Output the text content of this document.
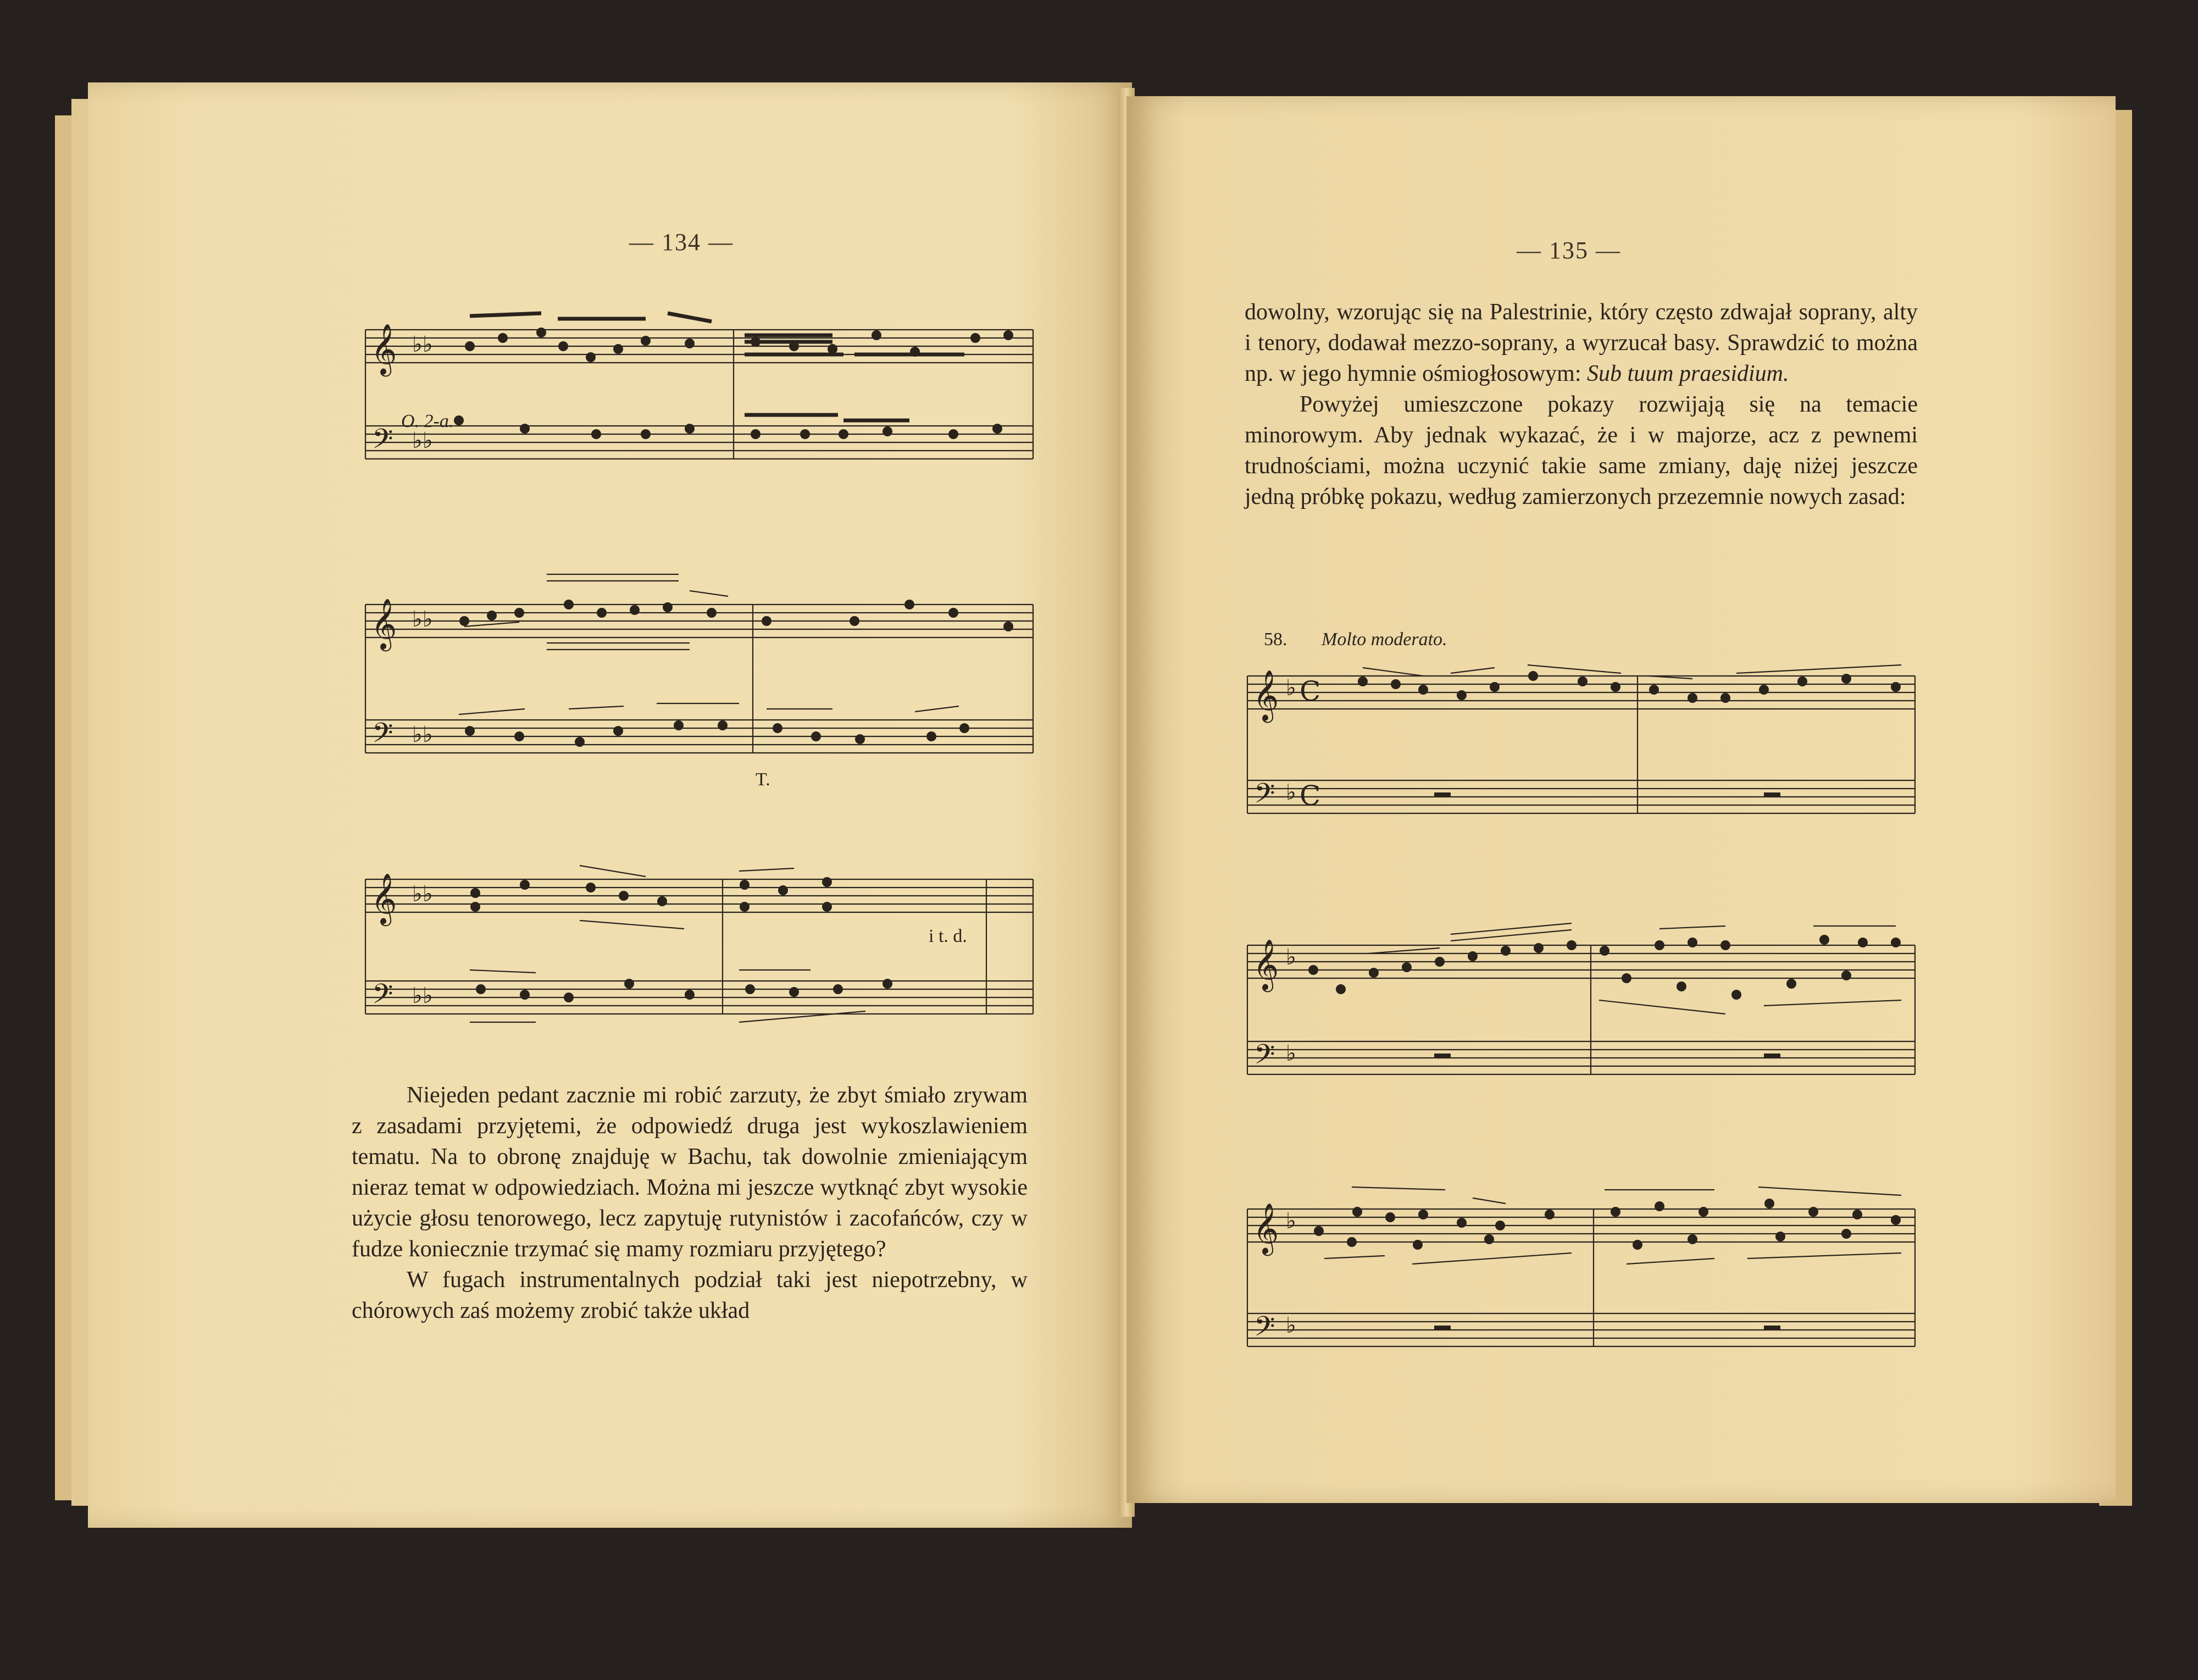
— 134 —
𝄞
𝄢
♭♭
♭♭
𝄞
𝄢
♭♭
♭♭
𝄞
𝄢
♭♭
♭♭
O. 2-a.
T.
i t. d.

Niejeden pedant zacznie mi robić zarzuty, że zbyt śmiało zrywam z zasadami przyjętemi, że odpowiedź druga jest wykoszlawieniem tematu. Na to obronę znajduję w Bachu, tak dowolnie zmieniającym nieraz temat w odpowiedziach. Można mi jeszcze wytknąć zbyt wysokie użycie głosu tenorowego, lecz zapytuję rutynistów i zacofańców, czy w fudze koniecznie trzymać się mamy rozmiaru przyjętego?

W fugach instrumentalnych podział taki jest niepotrzebny, w chórowych zaś możemy zrobić także układ

— 135 —

dowolny, wzorując się na Palestrinie, który często zdwajał soprany, alty i tenory, dodawał mezzo-soprany, a wyrzucał basy. Sprawdzić to można np. w jego hymnie ośmiogłosowym: Sub tuum praesidium.

Powyżej umieszczone pokazy rozwijają się na temacie minorowym. Aby jednak wykazać, że i w majorze, acz z pewnemi trudnościami, można uczynić takie same zmiany, daję niżej jeszcze jedną próbkę pokazu, według zamierzonych przezemnie nowych zasad:

58. Molto moderato.
𝄞
𝄢
♭
♭
C
C
𝄞
𝄢
♭
♭
𝄞
𝄢
♭
♭
